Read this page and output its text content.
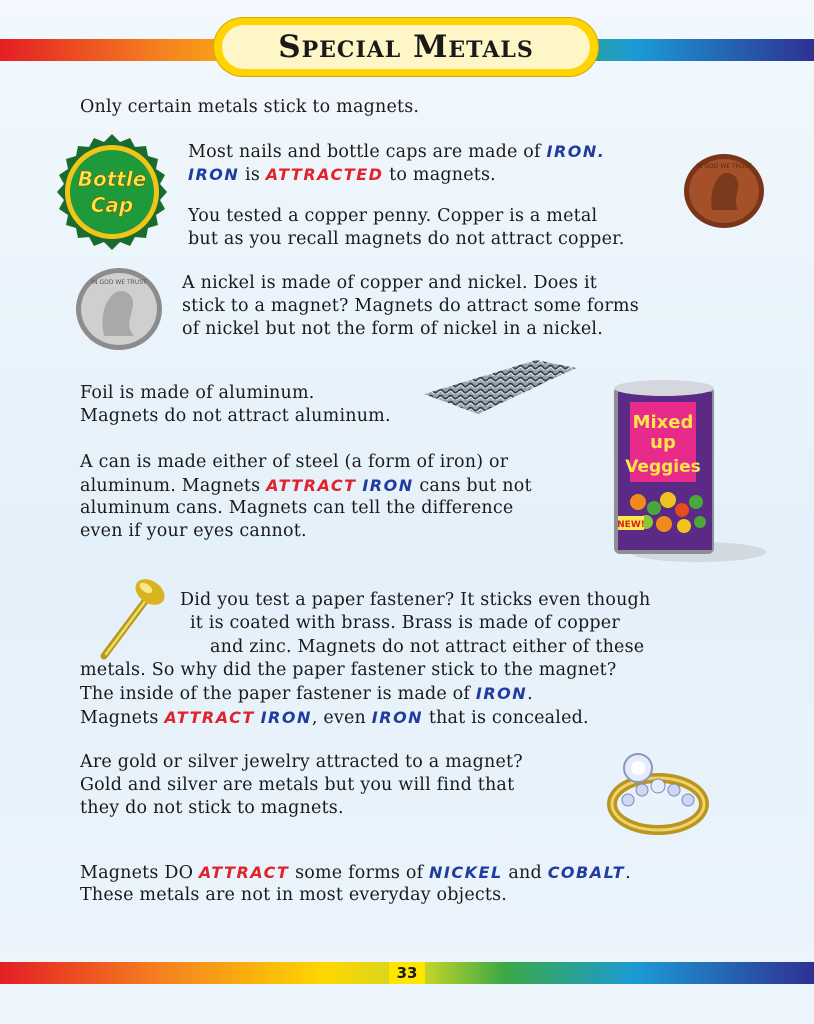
Special Metals
Only certain metals stick to magnets.
Bottle
Cap
Most nails and bottle caps are made of IRON.
IRON is ATTRACTED to magnets.	IN GOD WE TRUST
You tested a copper penny. Copper is a metal
but as you recall magnets do not attract copper.
IN GOD WE TRUST A nickel is made of copper and nickel. Does it
stick to a magnet? Magnets do attract some forms
of nickel but not the form of nickel in a nickel.
Foil is made of aluminum.
Magnets do not attract aluminum.	Mixed
up
Veggies
NEW!
A can is made either of steel (a form of iron) or
aluminum. Magnets ATTRACT IRON cans but not
aluminum cans. Magnets can tell the difference
even if your eyes cannot.
Did you test a paper fastener? It sticks even though
it is coated with brass. Brass is made of copper
and zinc. Magnets do not attract either of these
metals. So why did the paper fastener stick to the magnet?
The inside of the paper fastener is made of IRON.
Magnets ATTRACT IRON, even IRON that is concealed.
Are gold or silver jewelry attracted to a magnet?
Gold and silver are metals but you will find that
they do not stick to magnets.
Magnets DO ATTRACT some forms of NICKEL and COBALT.
These metals are not in most everyday objects.
33
